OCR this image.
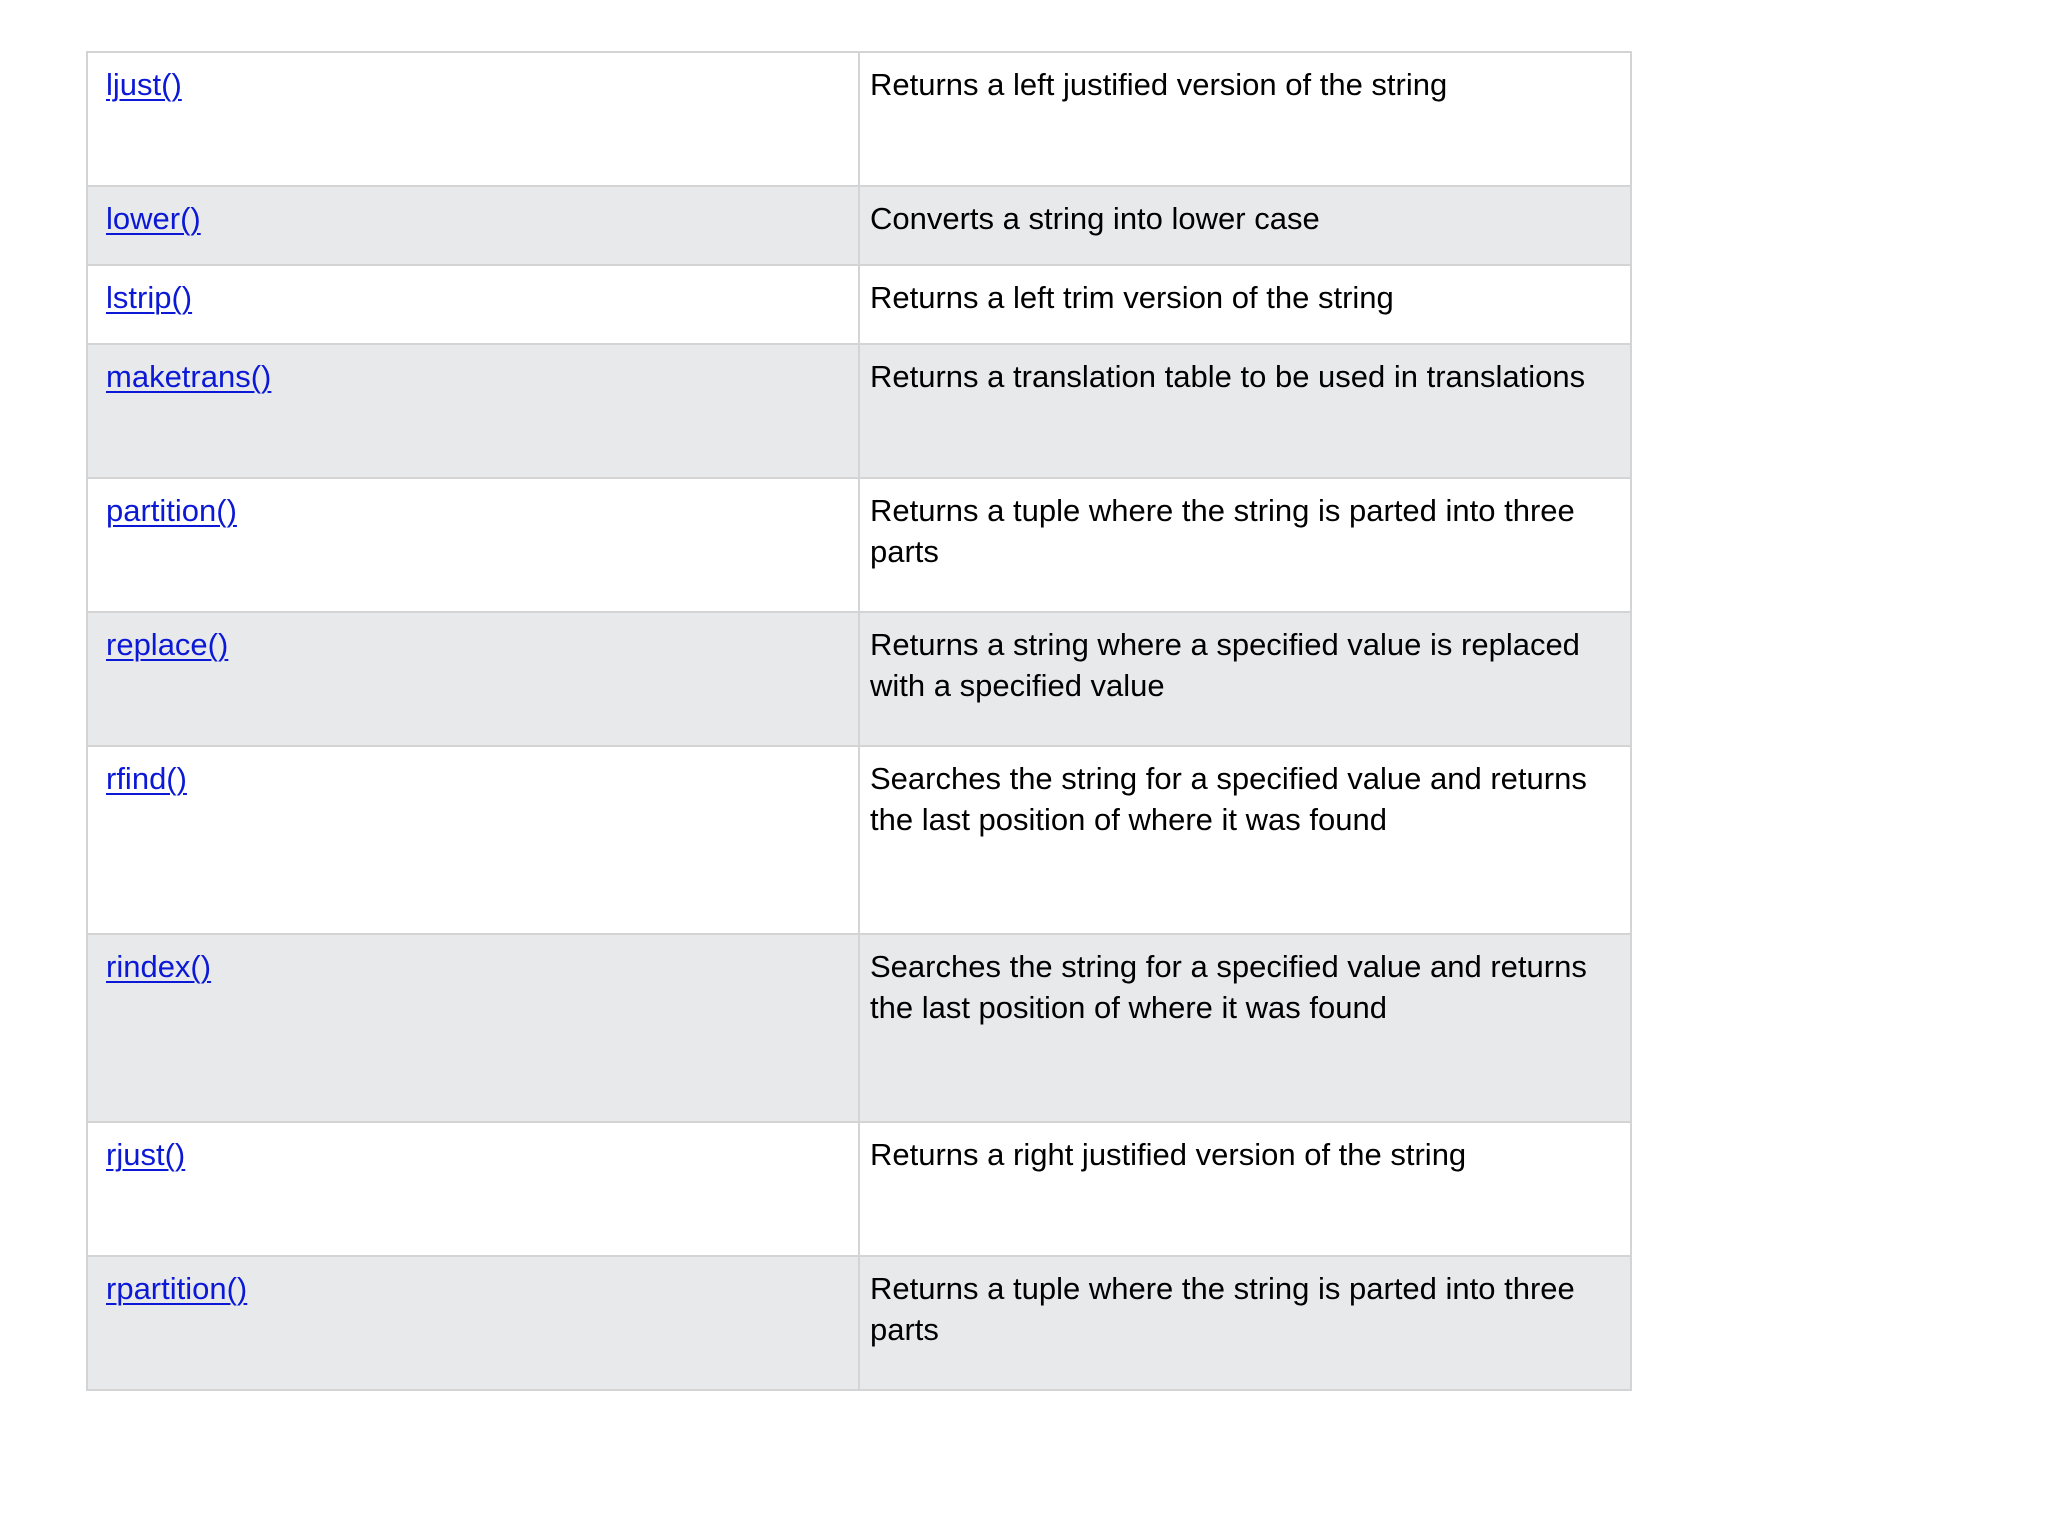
ljust()	Returns a left justified version of the string
lower()	Converts a string into lower case
lstrip()	Returns a left trim version of the string
maketrans()	Returns a translation table to be used in translations
partition()	Returns a tuple where the string is parted into three parts
replace()	Returns a string where a specified value is replaced with a specified value
rfind()	Searches the string for a specified value and returns the last position of where it was found
rindex()	Searches the string for a specified value and returns the last position of where it was found
rjust()	Returns a right justified version of the string
rpartition()	Returns a tuple where the string is parted into three parts
